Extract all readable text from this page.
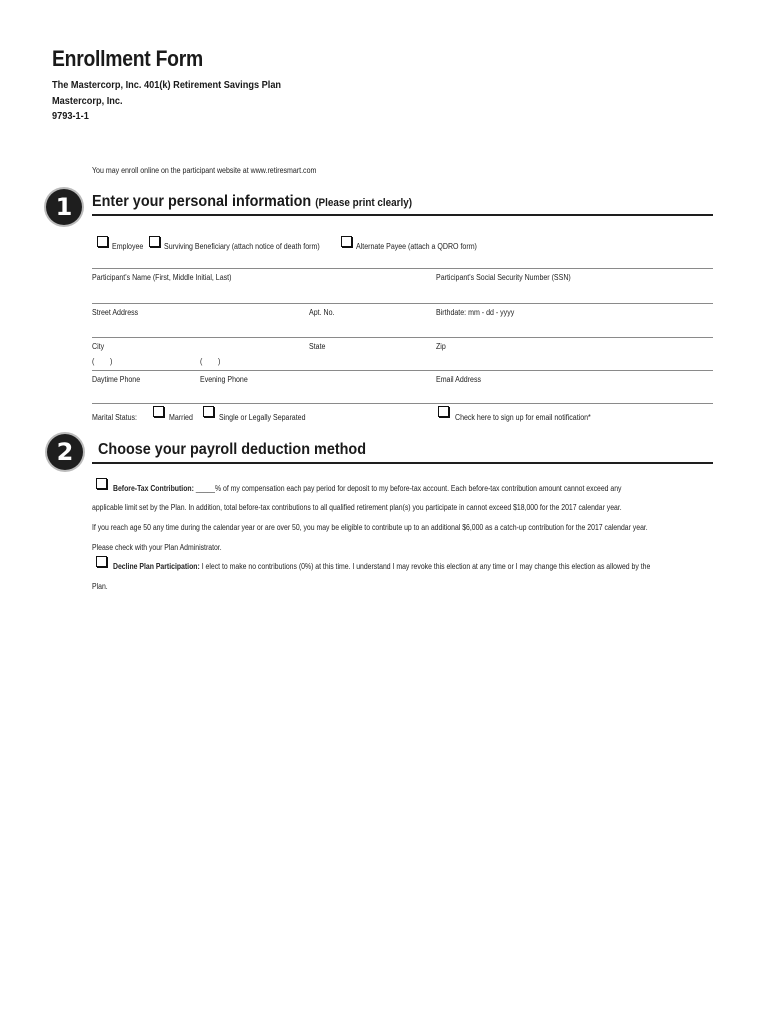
Enrollment Form
The Mastercorp, Inc. 401(k) Retirement Savings Plan
Mastercorp, Inc.
9793-1-1
You may enroll online on the participant website at www.retiresmart.com
1	Enter your personal information (Please print clearly)
Employee	Surviving Beneficiary (attach notice of death form)	Alternate Payee (attach a QDRO form)
Participant's Name (First, Middle Initial, Last)	Participant's Social Security Number (SSN)
Street Address	Apt. No.	Birthdate: mm - dd - yyyy
City	State	Zip
(        )	(        )
Daytime Phone	Evening Phone	Email Address
Marital Status:	Married	Single or Legally Separated	Check here to sign up for email notification*
2	Choose your payroll deduction method
Before-Tax Contribution: _____% of my compensation each pay period for deposit to my before-tax account. Each before-tax contribution amount cannot exceed any
applicable limit set by the Plan. In addition, total before-tax contributions to all qualified retirement plan(s) you participate in cannot exceed $18,000 for the 2017 calendar year.
If you reach age 50 any time during the calendar year or are over 50, you may be eligible to contribute up to an additional $6,000 as a catch-up contribution for the 2017 calendar year.
Please check with your Plan Administrator.
Decline Plan Participation: I elect to make no contributions (0%) at this time. I understand I may revoke this election at any time or I may change this election as allowed by the
Plan.
